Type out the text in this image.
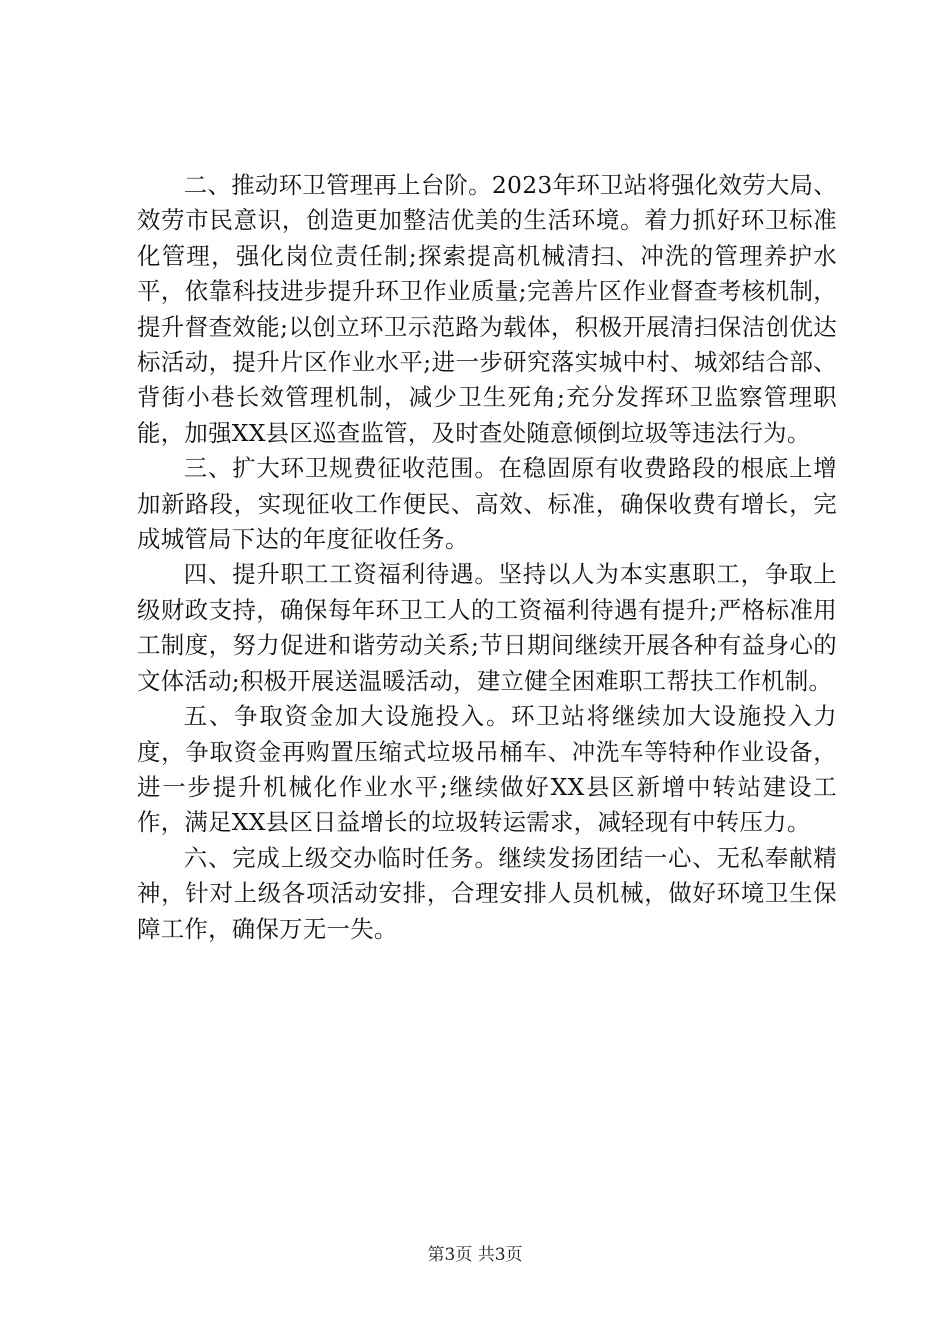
二、推动环卫管理再上台阶。2023年环卫站将强化效劳大局、效劳市民意识，创造更加整洁优美的生活环境。着力抓好环卫标准化管理，强化岗位责任制;探索提高机械清扫、冲洗的管理养护水平，依靠科技进步提升环卫作业质量;完善片区作业督查考核机制，提升督查效能;以创立环卫示范路为载体，积极开展清扫保洁创优达标活动，提升片区作业水平;进一步研究落实城中村、城郊结合部、背街小巷长效管理机制，减少卫生死角;充分发挥环卫监察管理职能，加强XX县区巡查监管，及时查处随意倾倒垃圾等违法行为。

三、扩大环卫规费征收范围。在稳固原有收费路段的根底上增加新路段，实现征收工作便民、高效、标准，确保收费有增长，完成城管局下达的年度征收任务。

四、提升职工工资福利待遇。坚持以人为本实惠职工，争取上级财政支持，确保每年环卫工人的工资福利待遇有提升;严格标准用工制度，努力促进和谐劳动关系;节日期间继续开展各种有益身心的文体活动;积极开展送温暖活动，建立健全困难职工帮扶工作机制。

五、争取资金加大设施投入。环卫站将继续加大设施投入力度，争取资金再购置压缩式垃圾吊桶车、冲洗车等特种作业设备，进一步提升机械化作业水平;继续做好XX县区新增中转站建设工作，满足XX县区日益增长的垃圾转运需求，减轻现有中转压力。

六、完成上级交办临时任务。继续发扬团结一心、无私奉献精神，针对上级各项活动安排，合理安排人员机械，做好环境卫生保障工作，确保万无一失。

第3页 共3页
